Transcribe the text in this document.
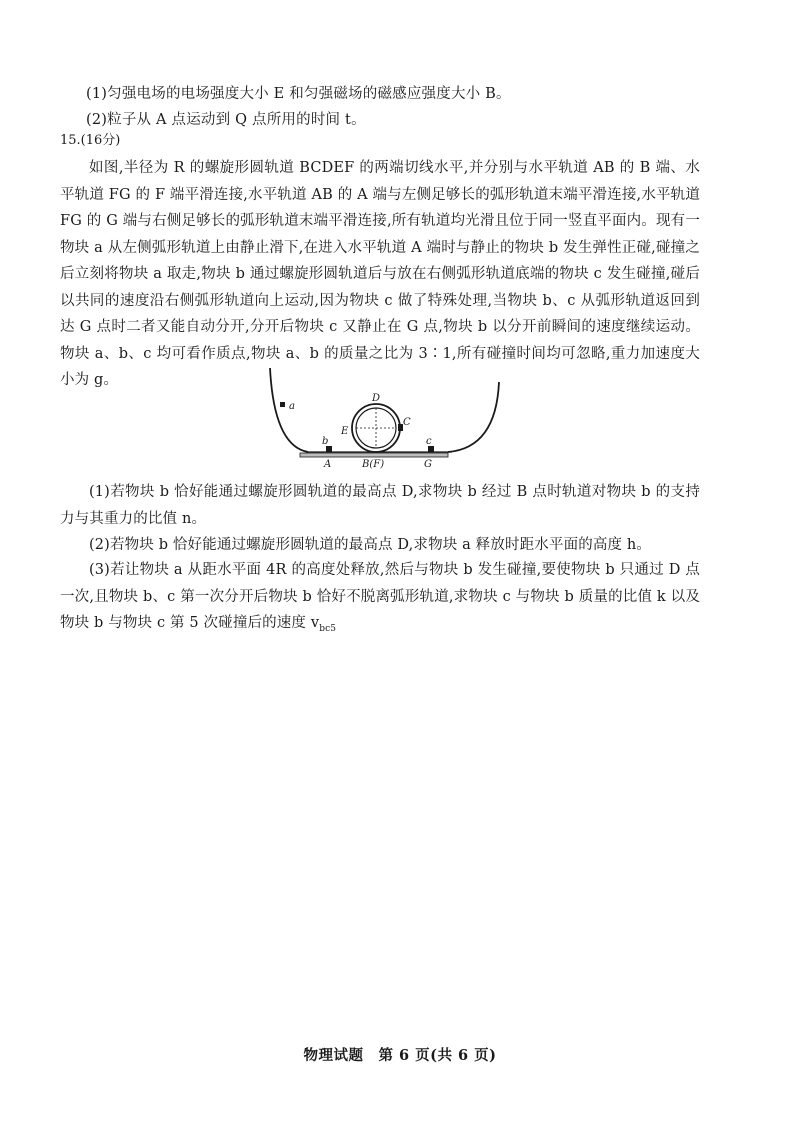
(1)匀强电场的电场强度大小 E 和匀强磁场的磁感应强度大小 B。
(2)粒子从 A 点运动到 Q 点所用的时间 t。
15.(16分)
如图,半径为 R 的螺旋形圆轨道 BCDEF 的两端切线水平,并分别与水平轨道 AB 的 B 端、水平轨道 FG 的 F 端平滑连接,水平轨道 AB 的 A 端与左侧足够长的弧形轨道末端平滑连接,水平轨道 FG 的 G 端与右侧足够长的弧形轨道末端平滑连接,所有轨道均光滑且位于同一竖直平面内。现有一物块 a 从左侧弧形轨道上由静止滑下,在进入水平轨道 A 端时与静止的物块 b 发生弹性正碰,碰撞之后立刻将物块 a 取走,物块 b 通过螺旋形圆轨道后与放在右侧弧形轨道底端的物块 c 发生碰撞,碰后以共同的速度沿右侧弧形轨道向上运动,因为物块 c 做了特殊处理,当物块 b、c 从弧形轨道返回到达 G 点时二者又能自动分开,分开后物块 c 又静止在 G 点,物块 b 以分开前瞬间的速度继续运动。物块 a、b、c 均可看作质点,物块 a、b 的质量之比为 3∶1,所有碰撞时间均可忽略,重力加速度大小为 g。
a
b	c
D
C
E
A	B(F)	G
(1)若物块 b 恰好能通过螺旋形圆轨道的最高点 D,求物块 b 经过 B 点时轨道对物块 b 的支持力与其重力的比值 n。
(2)若物块 b 恰好能通过螺旋形圆轨道的最高点 D,求物块 a 释放时距水平面的高度 h。
(3)若让物块 a 从距水平面 4R 的高度处释放,然后与物块 b 发生碰撞,要使物块 b 只通过 D 点一次,且物块 b、c 第一次分开后物块 b 恰好不脱离弧形轨道,求物块 c 与物块 b 质量的比值 k 以及物块 b 与物块 c 第 5 次碰撞后的速度 $v_{bc5}$
物理试题　第 6 页(共 6 页)
